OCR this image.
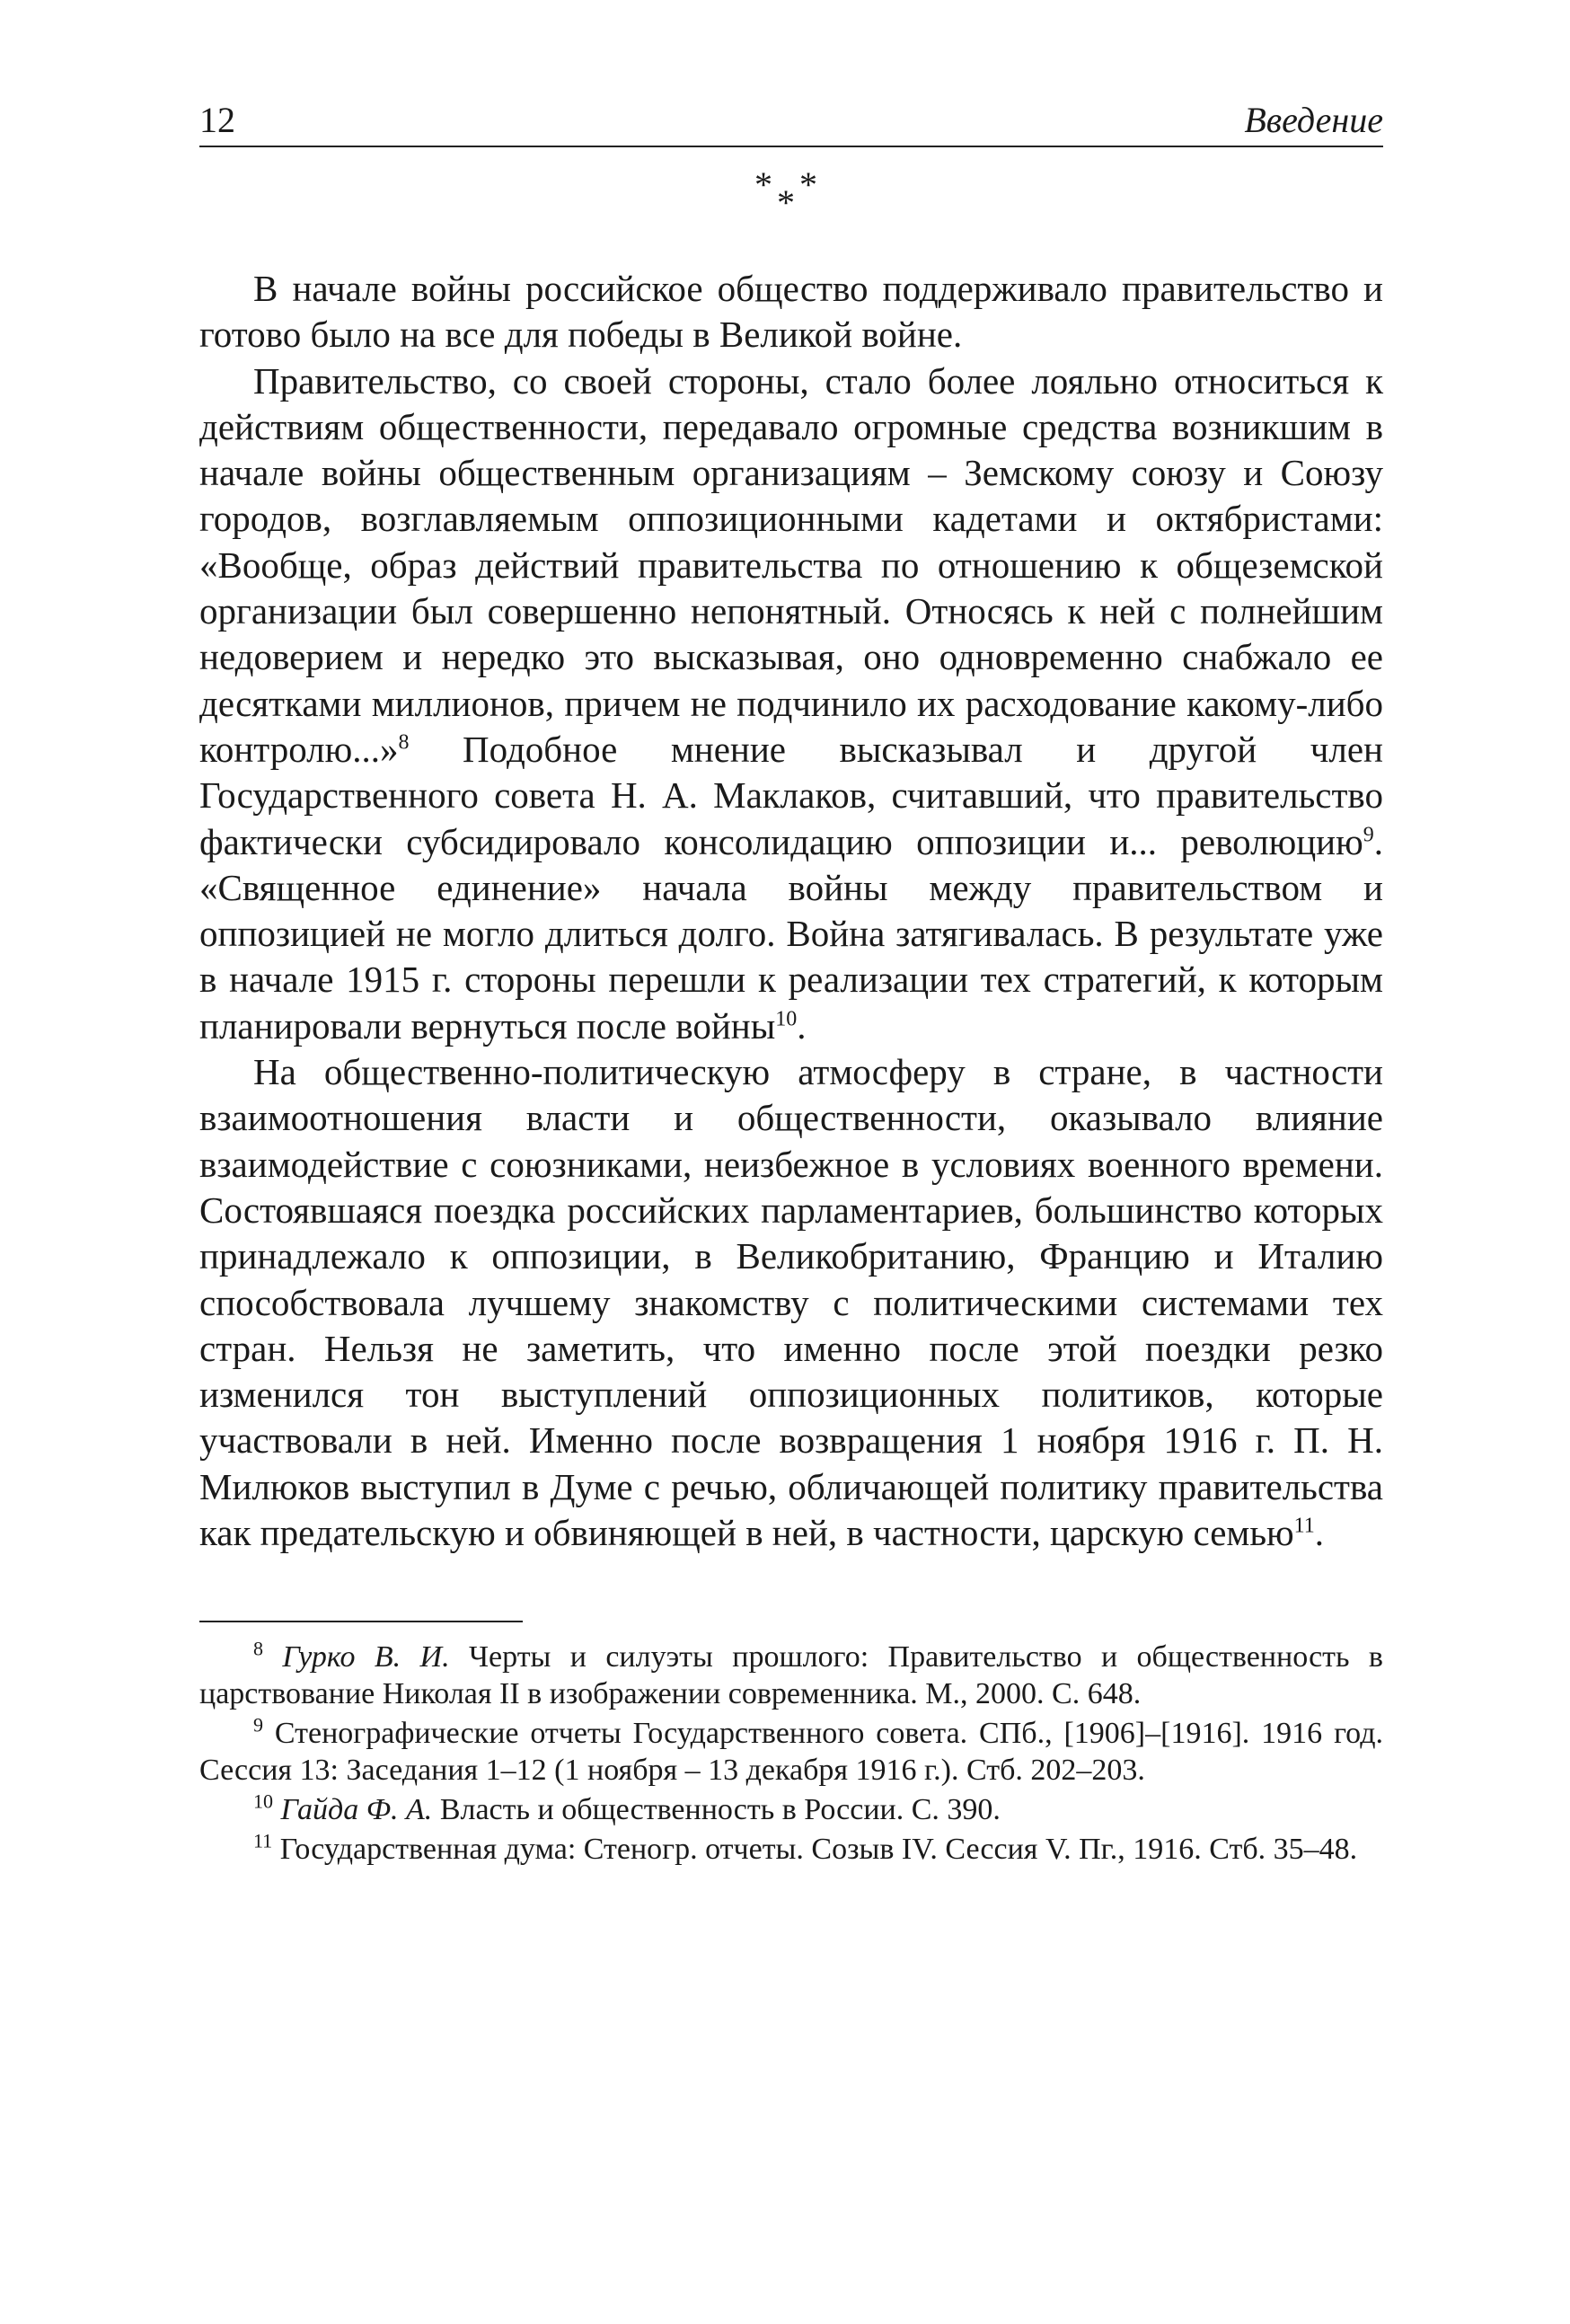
12	Введение
* *
*

В начале войны российское общество поддерживало правительство и готово было на все для победы в Великой войне.

Правительство, со своей стороны, стало более лояльно относиться к действиям общественности, передавало огромные средства возникшим в начале войны общественным организациям – Земскому союзу и Союзу городов, возглавляемым оппозиционными кадетами и октябристами: «Вообще, образ действий правительства по отношению к общеземской организации был совершенно непонятный. Относясь к ней с полнейшим недоверием и нередко это высказывая, оно одновременно снабжало ее десятками миллионов, причем не подчинило их расходование какому-либо контролю...»$^8$ Подобное мнение высказывал и другой член Государственного совета Н. А. Маклаков, считавший, что правительство фактически субсидировало консолидацию оппозиции и... революцию$^9$. «Священное единение» начала войны между правительством и оппозицией не могло длиться долго. Война затягивалась. В результате уже в начале 1915 г. стороны перешли к реализации тех стратегий, к которым планировали вернуться после войны$^{10}$.

На общественно-политическую атмосферу в стране, в частности взаимоотношения власти и общественности, оказывало влияние взаимодействие с союзниками, неизбежное в условиях военного времени. Состоявшаяся поездка российских парламентариев, большинство которых принадлежало к оппозиции, в Великобританию, Францию и Италию способствовала лучшему знакомству с политическими системами тех стран. Нельзя не заметить, что именно после этой поездки резко изменился тон выступлений оппозиционных политиков, которые участвовали в ней. Именно после возвращения 1 ноября 1916 г. П. Н. Милюков выступил в Думе с речью, обличающей политику правительства как предательскую и обвиняющей в ней, в частности, царскую семью$^{11}$.

$^8$ Гурко В. И. Черты и силуэты прошлого: Правительство и общественность в царствование Николая II в изображении современника. М., 2000. С. 648.

$^9$ Стенографические отчеты Государственного совета. СПб., [1906]–[1916]. 1916 год. Сессия 13: Заседания 1–12 (1 ноября – 13 декабря 1916 г.). Стб. 202–203.

$^{10}$ Гайда Ф. А. Власть и общественность в России. С. 390.

$^{11}$ Государственная дума: Стеногр. отчеты. Созыв IV. Сессия V. Пг., 1916. Стб. 35–48.
